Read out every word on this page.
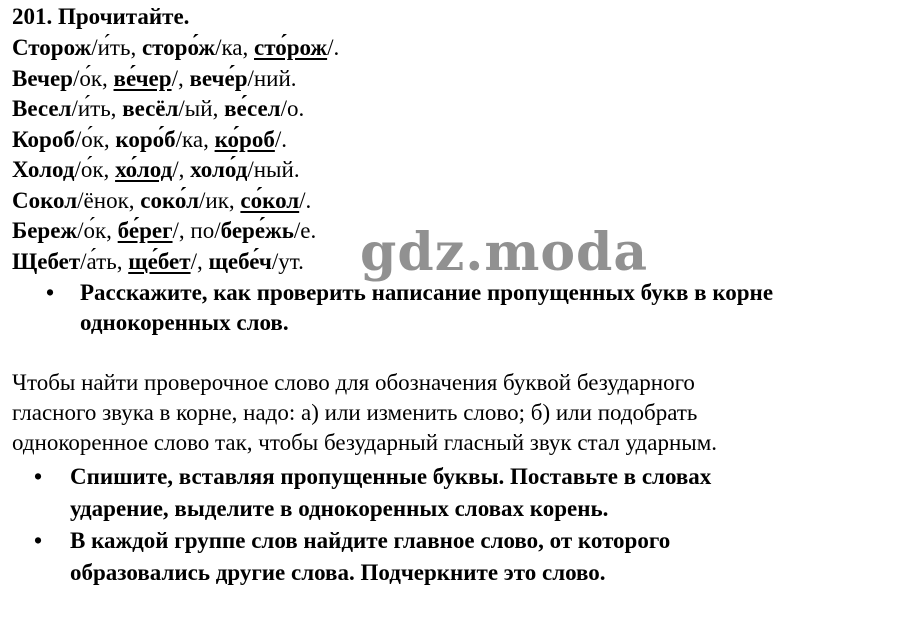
201. Прочитайте.
Сторож/и́ть, сторо́ж/ка, сто́рож/.
Вечер/о́к, ве́чер/, вече́р/ний.
Весел/и́ть, весёл/ый, ве́сел/о.
Короб/о́к, коро́б/ка, ко́роб/.
Холод/о́к, хо́лод/, холо́д/ный.
Сокол/ёнок, соко́л/ик, со́кол/.
Береж/о́к, бе́рег/, по/бере́жь/е.
Щебет/а́ть, ще́бет/, щебе́ч/ут. gdz.moda
• Расскажите, как проверить написание пропущенных букв в корне
однокоренных слов.
Чтобы найти проверочное слово для обозначения буквой безударного
гласного звука в корне, надо: а) или изменить слово; б) или подобрать
однокоренное слово так, чтобы безударный гласный звук стал ударным.
• Спишите, вставляя пропущенные буквы. Поставьте в словах
ударение, выделите в однокоренных словах корень.
• В каждой группе слов найдите главное слово, от которого
образовались другие слова. Подчеркните это слово.
